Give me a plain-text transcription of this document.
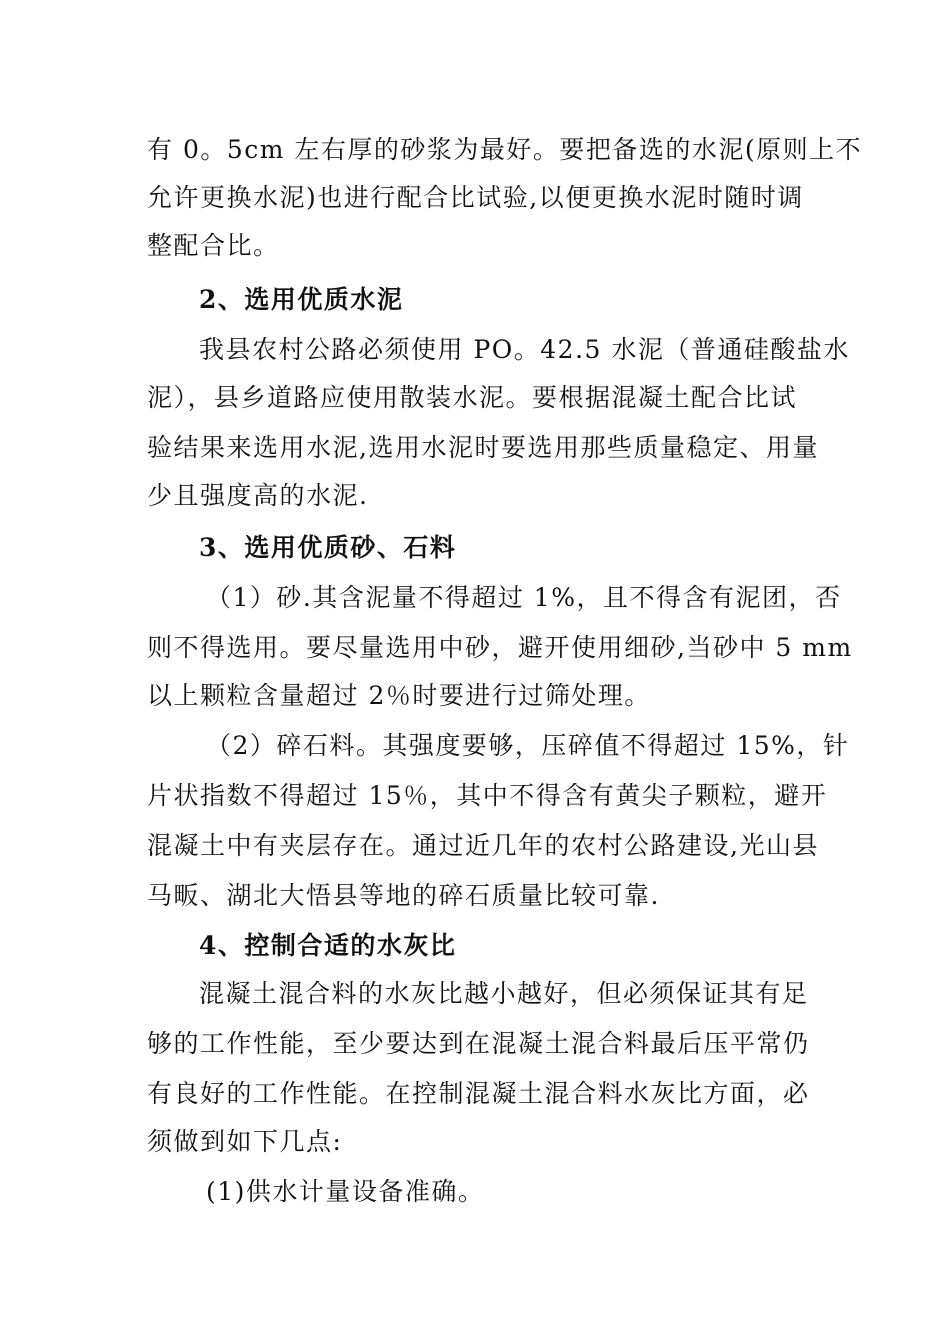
有 0。5cm 左右厚的砂浆为最好。要把备选的水泥(原则上不
允许更换水泥)也进行配合比试验,以便更换水泥时随时调
整配合比。
2、选用优质水泥
我县农村公路必须使用 PO。42.5 水泥（普通硅酸盐水
泥），县乡道路应使用散装水泥。要根据混凝土配合比试
验结果来选用水泥,选用水泥时要选用那些质量稳定、用量
少且强度高的水泥.
3、选用优质砂、石料
（1）砂.其含泥量不得超过 1%，且不得含有泥团，否
则不得选用。要尽量选用中砂，避开使用细砂,当砂中 5 mm
以上颗粒含量超过 2％时要进行过筛处理。
（2）碎石料。其强度要够，压碎值不得超过 15%，针
片状指数不得超过 15％，其中不得含有黄尖子颗粒，避开
混凝土中有夹层存在。通过近几年的农村公路建设,光山县
马畈、湖北大悟县等地的碎石质量比较可靠.
4、控制合适的水灰比
混凝土混合料的水灰比越小越好，但必须保证其有足
够的工作性能，至少要达到在混凝土混合料最后压平常仍
有良好的工作性能。在控制混凝土混合料水灰比方面，必
须做到如下几点:
(1)供水计量设备准确。
